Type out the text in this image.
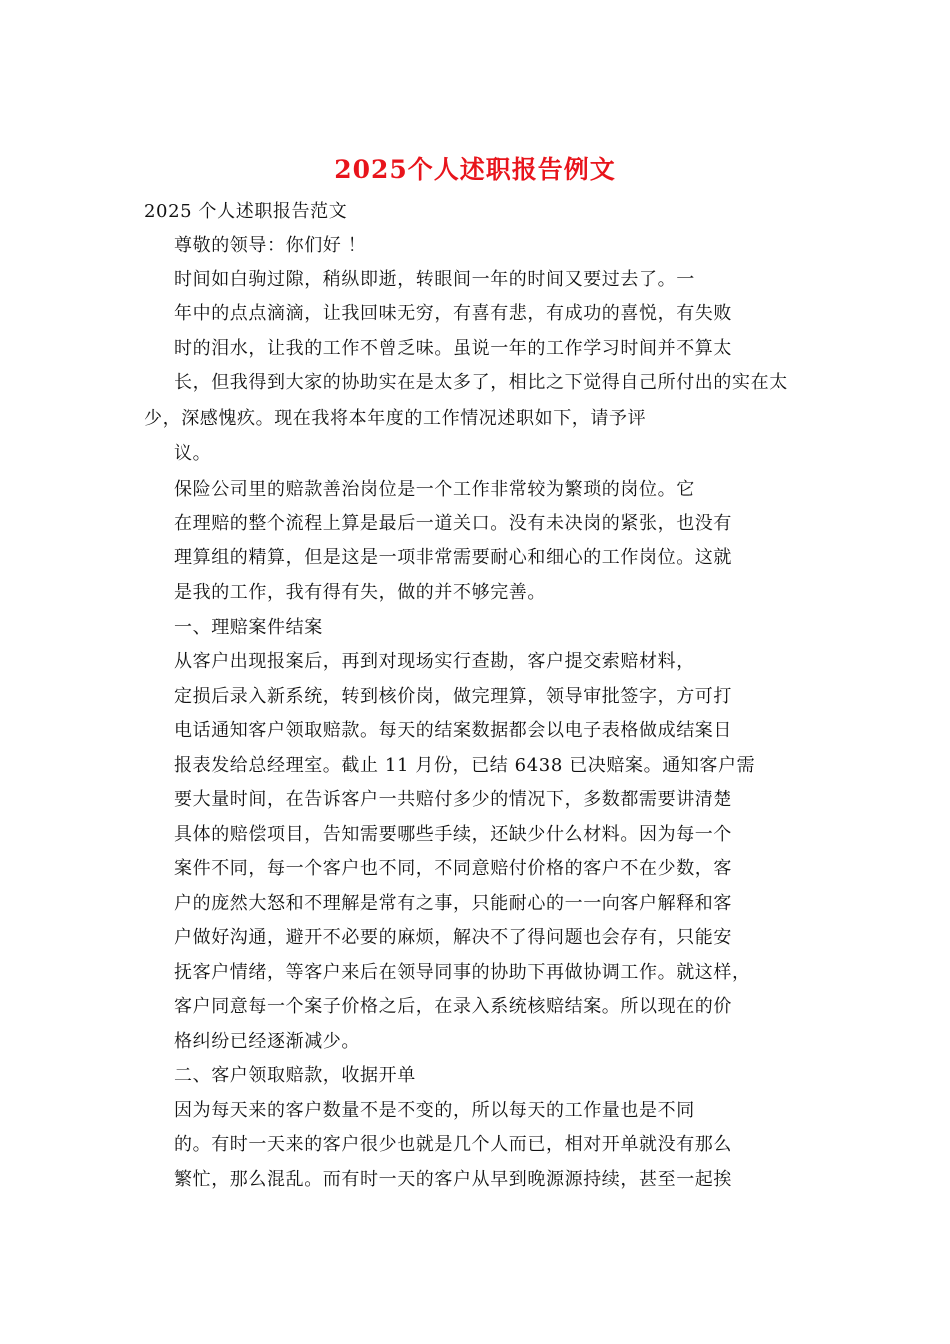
2025个人述职报告例文
2025 个人述职报告范文
尊敬的领导：你们好 ！
时间如白驹过隙，稍纵即逝，转眼间一年的时间又要过去了。一
年中的点点滴滴，让我回味无穷，有喜有悲，有成功的喜悦，有失败
时的泪水，让我的工作不曾乏味。虽说一年的工作学习时间并不算太
长，但我得到大家的协助实在是太多了，相比之下觉得自己所付出的实在太
少，深感愧疚。现在我将本年度的工作情况述职如下，请予评
议。
保险公司里的赔款善治岗位是一个工作非常较为繁琐的岗位。它
在理赔的整个流程上算是最后一道关口。没有未决岗的紧张，也没有
理算组的精算，但是这是一项非常需要耐心和细心的工作岗位。这就
是我的工作，我有得有失，做的并不够完善。
一、理赔案件结案
从客户出现报案后，再到对现场实行查勘，客户提交索赔材料，
定损后录入新系统，转到核价岗，做完理算，领导审批签字，方可打
电话通知客户领取赔款。每天的结案数据都会以电子表格做成结案日
报表发给总经理室。截止 11 月份，已结 6438 已决赔案。通知客户需
要大量时间，在告诉客户一共赔付多少的情况下，多数都需要讲清楚
具体的赔偿项目，告知需要哪些手续，还缺少什么材料。因为每一个
案件不同，每一个客户也不同，不同意赔付价格的客户不在少数，客
户的庞然大怒和不理解是常有之事，只能耐心的一一向客户解释和客
户做好沟通，避开不必要的麻烦，解决不了得问题也会存有，只能安
抚客户情绪，等客户来后在领导同事的协助下再做协调工作。就这样，
客户同意每一个案子价格之后，在录入系统核赔结案。所以现在的价
格纠纷已经逐渐减少。
二、客户领取赔款，收据开单
因为每天来的客户数量不是不变的，所以每天的工作量也是不同
的。有时一天来的客户很少也就是几个人而已，相对开单就没有那么
繁忙，那么混乱。而有时一天的客户从早到晚源源持续，甚至一起挨
